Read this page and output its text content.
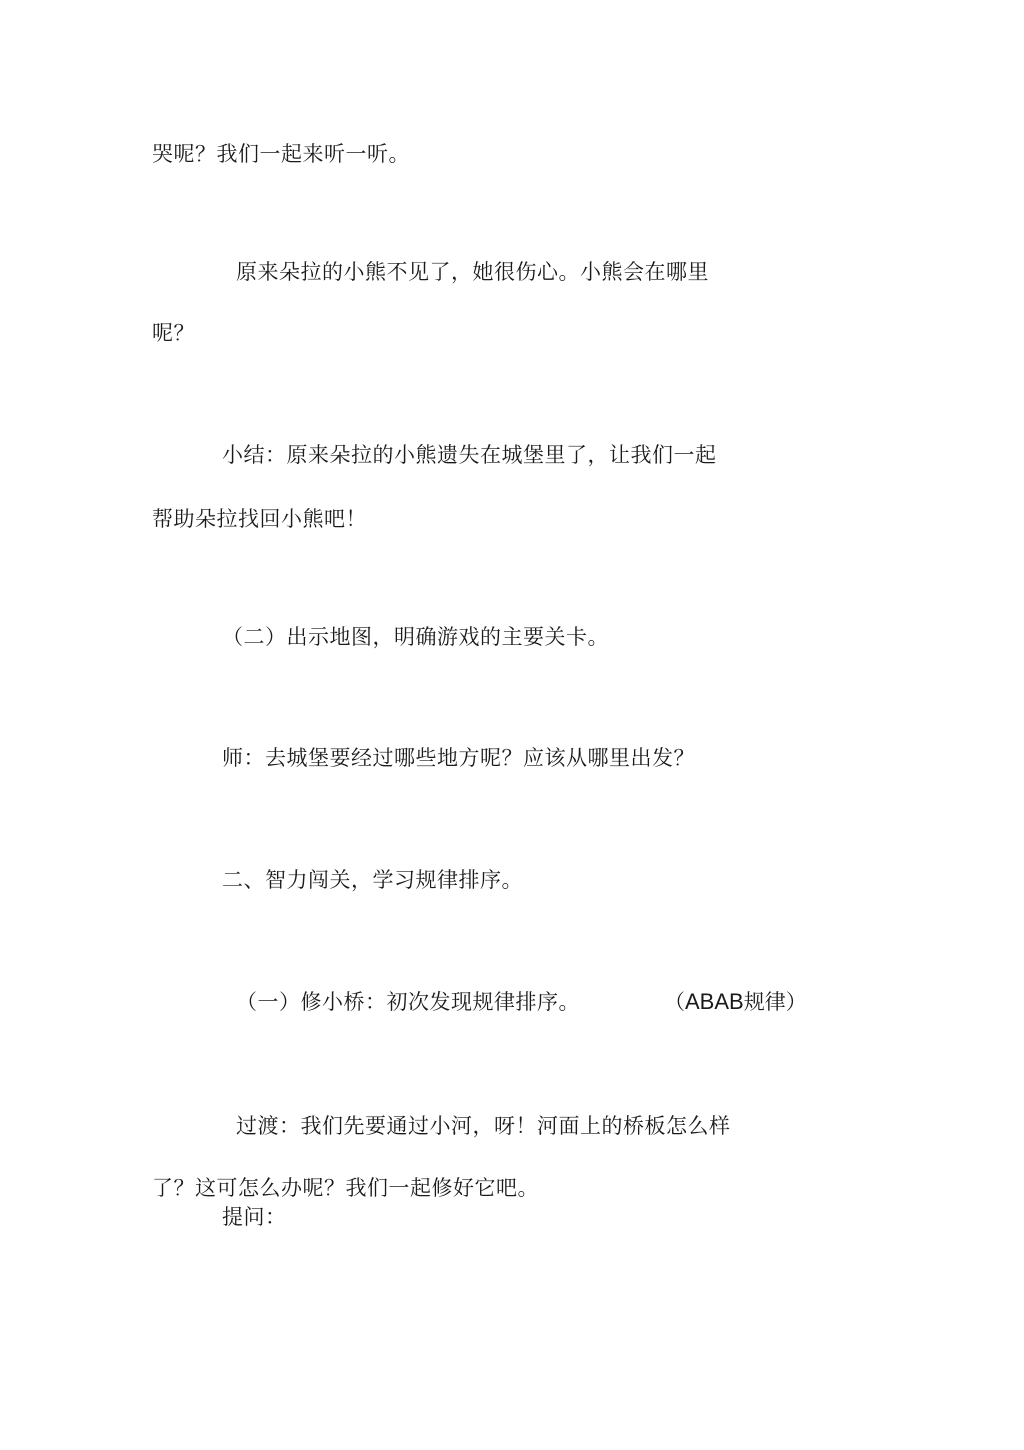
哭呢？我们一起来听一听。
原来朵拉的小熊不见了，她很伤心。小熊会在哪里
呢？
小结：原来朵拉的小熊遗失在城堡里了，让我们一起
帮助朵拉找回小熊吧！
（二）出示地图，明确游戏的主要关卡。
师：去城堡要经过哪些地方呢？应该从哪里出发？
二、智力闯关，学习规律排序。
（一）修小桥：初次发现规律排序。	（ABAB规律）
过渡：我们先要通过小河，呀！河面上的桥板怎么样
了？这可怎么办呢？我们一起修好它吧。
提问：
